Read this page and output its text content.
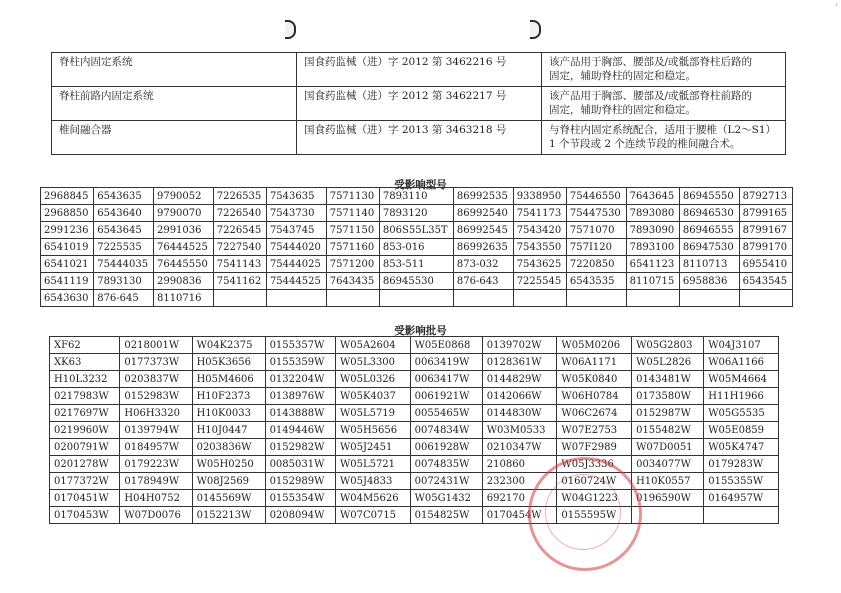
'
脊柱内固定系统	国食药监械（进）字 2012 第 3462216 号	该产品用于胸部、腰部及/或骶部脊柱后路的
固定，辅助脊柱的固定和稳定。
脊柱前路内固定系统	国食药监械（进）字 2012 第 3462217 号	该产品用于胸部、腰部及/或骶部脊柱前路的
固定，辅助脊柱的固定和稳定。
椎间融合器	国食药监械（进）字 2013 第 3463218 号	与脊柱内固定系统配合，适用于腰椎（L2～S1）
1 个节段或 2 个连续节段的椎间融合术。
受影响型号
2968845	6543635	9790052	7226535	7543635	7571130	7893110	86992535	9338950	75446550	7643645	86945550	8792713
2968850	6543640	9790070	7226540	7543730	7571140	7893120	86992540	7541173	75447530	7893080	86946530	8799165
2991236	6543645	2991036	7226545	7543745	7571150	806S55L35T	86992545	7543420	7571070	7893090	86946555	8799167
6541019	7225535	76444525	7227540	75444020	7571160	853-016	86992635	7543550	757I120	7893100	86947530	8799170
6541021	75444035	76445550	7541143	75444025	7571200	853-511	873-032	7543625	7220850	6541123	8110713	6955410
6541119	7893130	2990836	7541162	75444525	7643435	86945530	876-643	7225545	6543535	8110715	6958836	6543545
6543630	876-645	8110716										
受影响批号
XF62	0218001W	W04K2375	0155357W	W05A2604	W05E0868	0139702W	W05M0206	W05G2803	W04J3107
XK63	0177373W	H05K3656	0155359W	W05L3300	0063419W	0128361W	W06A1171	W05L2826	W06A1166
H10L3232	0203837W	H05M4606	0132204W	W05L0326	0063417W	0144829W	W05K0840	0143481W	W05M4664
0217983W	0152983W	H10F2373	0138976W	W05K4037	0061921W	0142066W	W06H0784	0173580W	H11H1966
0217697W	H06H3320	H10K0033	0143888W	W05L5719	0055465W	0144830W	W06C2674	0152987W	W05G5535
0219960W	0139794W	H10J0447	0149446W	W05H5656	0074834W	W03M0533	W07E2753	0155482W	W05E0859
0200791W	0184957W	0203836W	0152982W	W05J2451	0061928W	0210347W	W07F2989	W07D0051	W05K4747
0201278W	0179223W	W05H0250	0085031W	W05L5721	0074835W	210860	W05J3336	0034077W	0179283W
0177372W	0178949W	W08J2569	0152989W	W05J4833	0072431W	232300	0160724W	H10K0557	0155355W
0170451W	H04H0752	0145569W	0155354W	W04M5626	W05G1432	692170	W04G1223	0196590W	0164957W
0170453W	W07D0076	0152213W	0208094W	W07C0715	0154825W	0170454W	0155595W		
